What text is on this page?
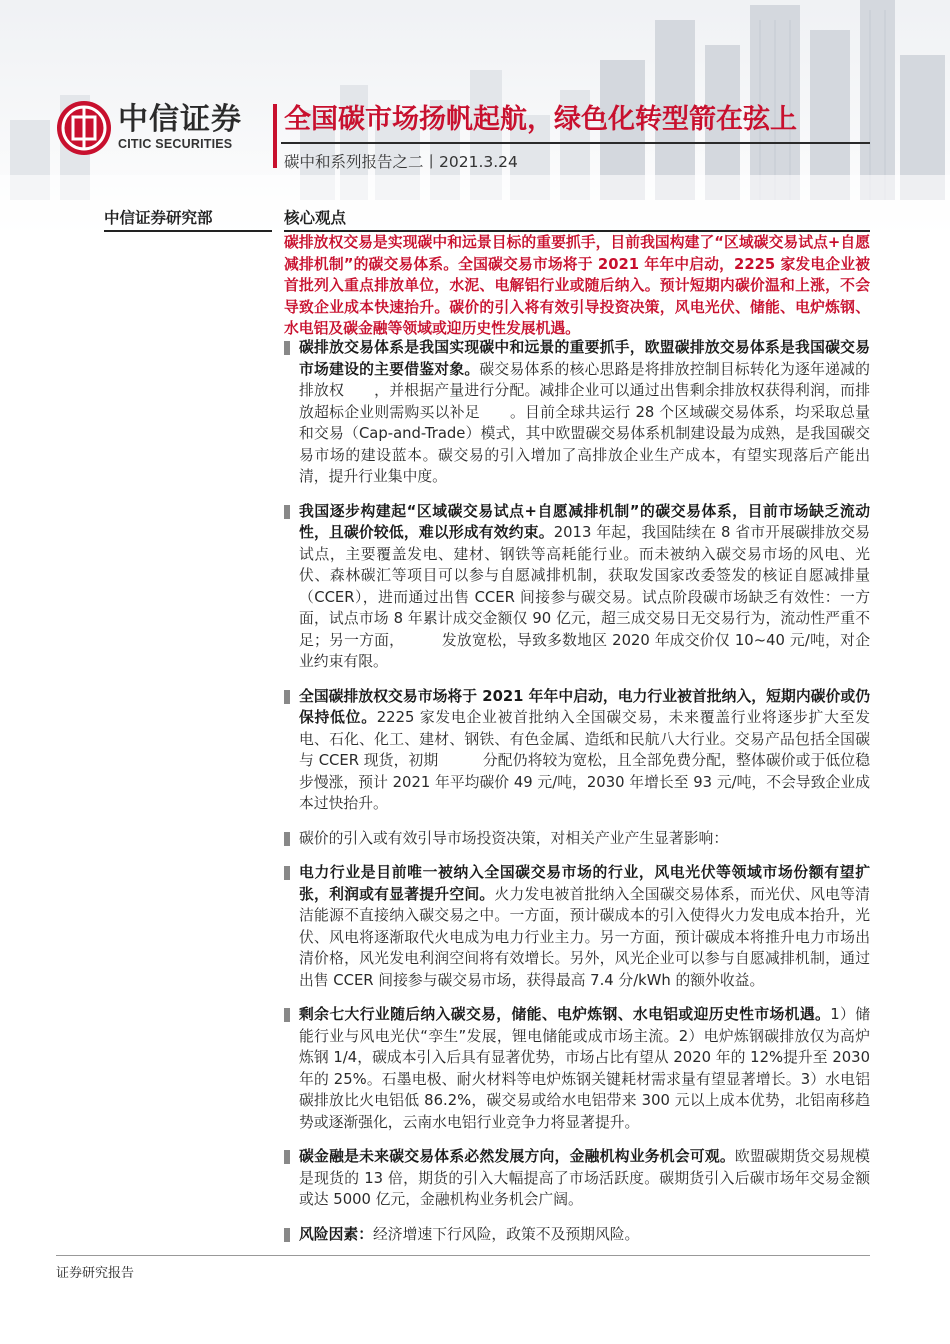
中信证券
CITIC SECURITIES
全国碳市场扬帆起航，绿色化转型箭在弦上
碳中和系列报告之二丨2021.3.24
中信证券研究部	核心观点
碳排放权交易是实现碳中和远景目标的重要抓手，目前我国构建了“区域碳交易试点+自愿减排机制”的碳交易体系。全国碳交易市场将于 2021 年年中启动，2225 家发电企业被首批列入重点排放单位，水泥、电解铝行业或随后纳入。预计短期内碳价温和上涨，不会导致企业成本快速抬升。碳价的引入将有效引导投资决策，风电光伏、储能、电炉炼钢、水电铝及碳金融等领域或迎历史性发展机遇。
碳排放交易体系是我国实现碳中和远景的重要抓手，欧盟碳排放交易体系是我国碳交易市场建设的主要借鉴对象。碳交易体系的核心思路是将排放控制目标转化为逐年递减的排放权　　，并根据产量进行分配。减排企业可以通过出售剩余排放权获得利润，而排放超标企业则需购买以补足　　。目前全球共运行 28 个区域碳交易体系，均采取总量　　和交易（Cap-and-Trade）模式，其中欧盟碳交易体系机制建设最为成熟，是我国碳交易市场的建设蓝本。碳交易的引入增加了高排放企业生产成本，有望实现落后产能出清，提升行业集中度。
我国逐步构建起“区域碳交易试点+自愿减排机制”的碳交易体系，目前市场缺乏流动性，且碳价较低，难以形成有效约束。2013 年起，我国陆续在 8 省市开展碳排放交易试点，主要覆盖发电、建材、钢铁等高耗能行业。而未被纳入碳交易市场的风电、光伏、森林碳汇等项目可以参与自愿减排机制，获取发国家改委签发的核证自愿减排量（CCER），进而通过出售 CCER 间接参与碳交易。试点阶段碳市场缺乏有效性：一方面，试点市场 8 年累计成交金额仅 90 亿元，超三成交易日无交易行为，流动性严重不足；另一方面，　　　发放宽松，导致多数地区 2020 年成交价仅 10~40 元/吨，对企业约束有限。
全国碳排放权交易市场将于 2021 年年中启动，电力行业被首批纳入，短期内碳价或仍保持低位。2225 家发电企业被首批纳入全国碳交易，未来覆盖行业将逐步扩大至发电、石化、化工、建材、钢铁、有色金属、造纸和民航八大行业。交易产品包括全国碳　　与 CCER 现货，初期　　　分配仍将较为宽松，且全部免费分配，整体碳价或于低位稳步慢涨，预计 2021 年平均碳价 49 元/吨，2030 年增长至 93 元/吨，不会导致企业成本过快抬升。
碳价的引入或有效引导市场投资决策，对相关产业产生显著影响：
电力行业是目前唯一被纳入全国碳交易市场的行业，风电光伏等领域市场份额有望扩张，利润或有显著提升空间。火力发电被首批纳入全国碳交易体系，而光伏、风电等清洁能源不直接纳入碳交易之中。一方面，预计碳成本的引入使得火力发电成本抬升，光伏、风电将逐渐取代火电成为电力行业主力。另一方面，预计碳成本将推升电力市场出清价格，风光发电利润空间将有效增长。另外，风光企业可以参与自愿减排机制，通过出售 CCER 间接参与碳交易市场，获得最高 7.4 分/kWh 的额外收益。
剩余七大行业随后纳入碳交易，储能、电炉炼钢、水电铝或迎历史性市场机遇。1）储能行业与风电光伏“孪生”发展，锂电储能或成市场主流。2）电炉炼钢碳排放仅为高炉炼钢 1/4，碳成本引入后具有显著优势，市场占比有望从 2020 年的 12%提升至 2030 年的 25%。石墨电极、耐火材料等电炉炼钢关键耗材需求量有望显著增长。3）水电铝碳排放比火电铝低 86.2%，碳交易或给水电铝带来 300 元以上成本优势，北铝南移趋势或逐渐强化，云南水电铝行业竞争力将显著提升。
碳金融是未来碳交易体系必然发展方向，金融机构业务机会可观。欧盟碳期货交易规模是现货的 13 倍，期货的引入大幅提高了市场活跃度。碳期货引入后碳市场年交易金额或达 5000 亿元，金融机构业务机会广阔。
风险因素：经济增速下行风险，政策不及预期风险。
证券研究报告
